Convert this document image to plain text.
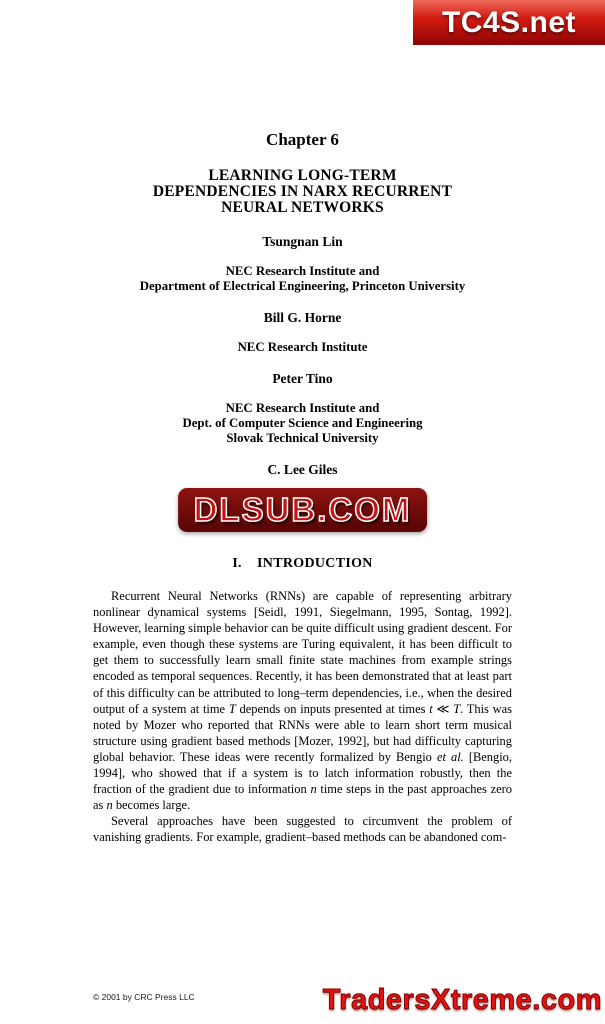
TC4S.net
Chapter 6
LEARNING LONG-TERM
DEPENDENCIES IN NARX RECURRENT
NEURAL NETWORKS
Tsungnan Lin
NEC Research Institute and
Department of Electrical Engineering, Princeton University
Bill G. Horne
NEC Research Institute
Peter Tino
NEC Research Institute and
Dept. of Computer Science and Engineering
Slovak Technical University
C. Lee Giles
DLSUB.COM
I.    INTRODUCTION

Recurrent Neural Networks (RNNs) are capable of representing arbitrary nonlinear dynamical systems [Seidl, 1991, Siegelmann, 1995, Sontag, 1992]. However, learning simple behavior can be quite difficult using gradient descent. For example, even though these systems are Turing equivalent, it has been difficult to get them to successfully learn small finite state machines from example strings encoded as temporal sequences. Recently, it has been demonstrated that at least part of this difficulty can be attributed to long–term dependencies, i.e., when the desired output of a system at time T depends on inputs presented at times t ≪ T. This was noted by Mozer who reported that RNNs were able to learn short term musical structure using gradient based methods [Mozer, 1992], but had difficulty capturing global behavior. These ideas were recently formalized by Bengio et al. [Bengio, 1994], who showed that if a system is to latch information robustly, then the fraction of the gradient due to information n time steps in the past approaches zero as n becomes large.

Several approaches have been suggested to circumvent the problem of vanishing gradients. For example, gradient–based methods can be abandoned com-

© 2001 by CRC Press LLC	TradersXtreme.com
